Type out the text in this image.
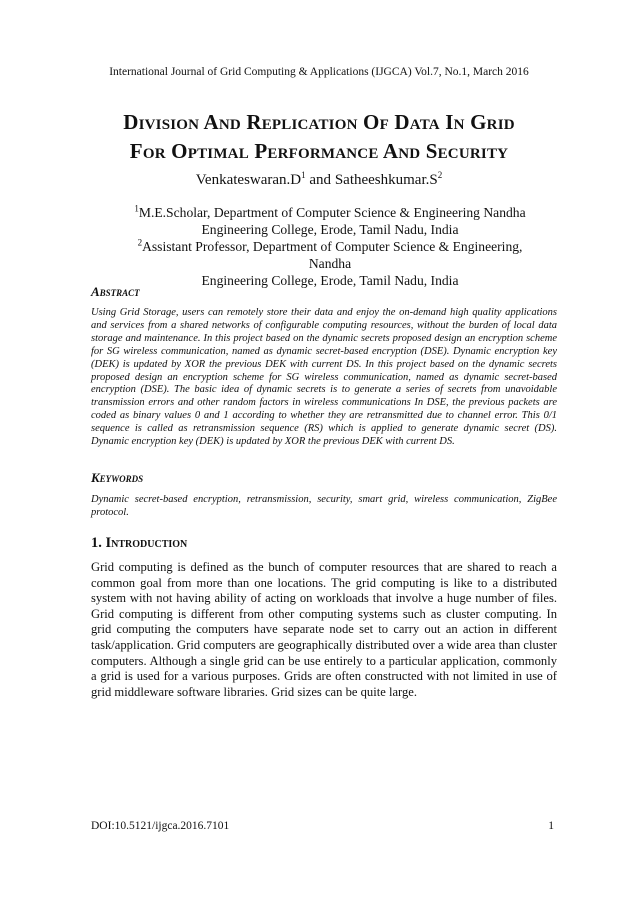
International Journal of Grid Computing & Applications (IJGCA) Vol.7, No.1, March 2016
Division And Replication Of Data In Grid
For Optimal Performance And Security
$Venkateswaran.D^1$ and $Satheeshkumar.S^2$
$^1$M.E.Scholar, Department of Computer Science & Engineering Nandha
Engineering College, Erode, Tamil Nadu, India
$^2$Assistant Professor, Department of Computer Science & Engineering, Nandha
Engineering College, Erode, Tamil Nadu, India
Abstract
Using Grid Storage, users can remotely store their data and enjoy the on-demand high quality applications and services from a shared networks of configurable computing resources, without the burden of local data storage and maintenance. In this project based on the dynamic secrets proposed design an encryption scheme for SG wireless communication, named as dynamic secret-based encryption (DSE). Dynamic encryption key (DEK) is updated by XOR the previous DEK with current DS. In this project based on the dynamic secrets proposed design an encryption scheme for SG wireless communication, named as dynamic secret-based encryption (DSE). The basic idea of dynamic secrets is to generate a series of secrets from unavoidable transmission errors and other random factors in wireless communications In DSE, the previous packets are coded as binary values 0 and 1 according to whether they are retransmitted due to channel error. This 0/1 sequence is called as retransmission sequence (RS) which is applied to generate dynamic secret (DS). Dynamic encryption key (DEK) is updated by XOR the previous DEK with current DS.
Keywords
Dynamic secret-based encryption, retransmission, security, smart grid, wireless communication, ZigBee protocol.
1. Introduction
Grid computing is defined as the bunch of computer resources that are shared to reach a common goal from more than one locations. The grid computing is like to a distributed system with not having ability of acting on workloads that involve a huge number of files. Grid computing is different from other computing systems such as cluster computing. In grid computing the computers have separate node set to carry out an action in different task/application. Grid computers are geographically distributed over a wide area than cluster computers. Although a single grid can be use entirely to a particular application, commonly a grid is used for a various purposes. Grids are often constructed with not limited in use of grid middleware software libraries. Grid sizes can be quite large.
DOI:10.5121/ijgca.2016.7101	1
